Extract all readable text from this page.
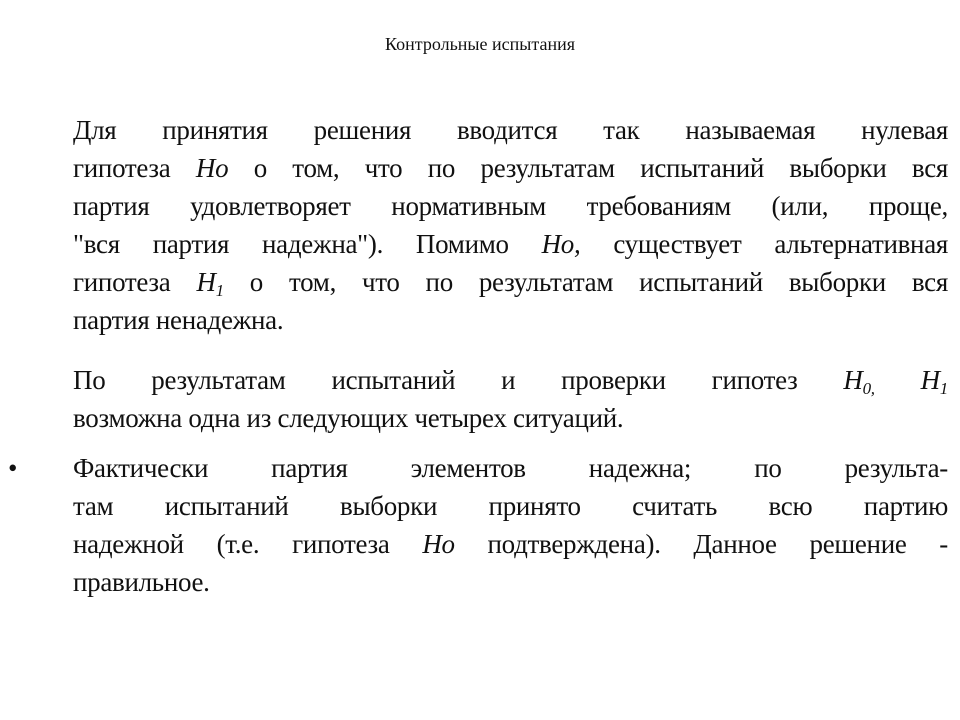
Контрольные испытания
Для принятия решения вводится так называемая нулевая
гипотеза Ho о том, что по результатам испытаний выборки вся
партия удовлетворяет нормативным требованиям (или, проще,
"вся партия надежна"). Помимо Ho, существует альтернативная
гипотеза $H_1$ о том, что по результатам испытаний выборки вся
партия ненадежна.
По результатам испытаний и проверки гипотез $H_{0,}$ $H_1$
возможна одна из следующих четырех ситуаций.
• Фактически партия элементов надежна; по результа-
там испытаний выборки принято считать всю партию
надежной (т.е. гипотеза Ho подтверждена). Данное решение -
правильное.
